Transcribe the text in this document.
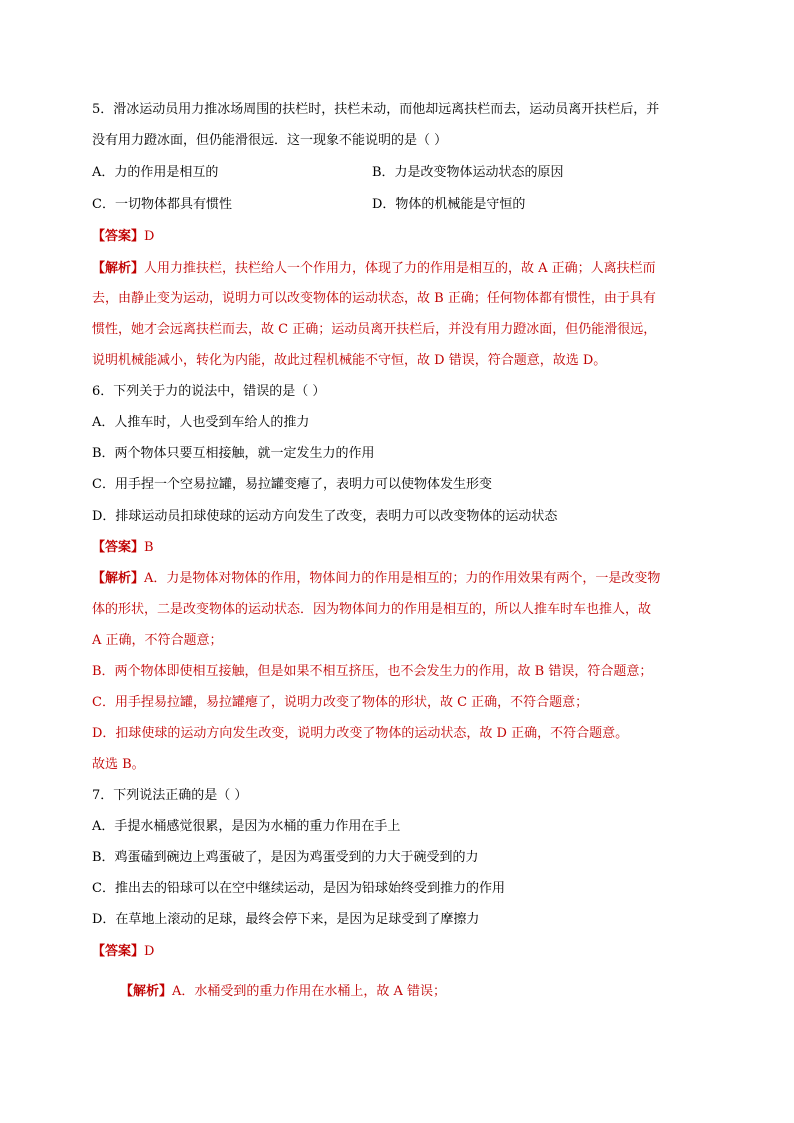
5．滑冰运动员用力推冰场周围的扶栏时，扶栏未动，而他却远离扶栏而去，运动员离开扶栏后，并
没有用力蹬冰面，但仍能滑很远．这一现象不能说明的是（ ）
A．力的作用是相互的	B．力是改变物体运动状态的原因
C．一切物体都具有惯性	D．物体的机械能是守恒的
【答案】D
【解析】人用力推扶栏，扶栏给人一个作用力，体现了力的作用是相互的，故 A 正确；人离扶栏而
去，由静止变为运动，说明力可以改变物体的运动状态，故 B 正确；任何物体都有惯性，由于具有
惯性，她才会远离扶栏而去，故 C 正确；运动员离开扶栏后，并没有用力蹬冰面，但仍能滑很远，
说明机械能减小，转化为内能，故此过程机械能不守恒，故 D 错误，符合题意，故选 D。
6．下列关于力的说法中，错误的是（ ）
A．人推车时，人也受到车给人的推力
B．两个物体只要互相接触，就一定发生力的作用
C．用手捏一个空易拉罐，易拉罐变瘪了，表明力可以使物体发生形变
D．排球运动员扣球使球的运动方向发生了改变，表明力可以改变物体的运动状态
【答案】B
【解析】A．力是物体对物体的作用，物体间力的作用是相互的；力的作用效果有两个，一是改变物
体的形状，二是改变物体的运动状态．因为物体间力的作用是相互的，所以人推车时车也推人，故
A 正确，不符合题意；
B．两个物体即使相互接触，但是如果不相互挤压，也不会发生力的作用，故 B 错误，符合题意；
C．用手捏易拉罐，易拉罐瘪了，说明力改变了物体的形状，故 C 正确，不符合题意；
D．扣球使球的运动方向发生改变，说明力改变了物体的运动状态，故 D 正确，不符合题意。
故选 B。
7．下列说法正确的是（ ）
A．手提水桶感觉很累，是因为水桶的重力作用在手上
B．鸡蛋磕到碗边上鸡蛋破了，是因为鸡蛋受到的力大于碗受到的力
C．推出去的铅球可以在空中继续运动，是因为铅球始终受到推力的作用
D．在草地上滚动的足球，最终会停下来，是因为足球受到了摩擦力
【答案】D
【解析】A．水桶受到的重力作用在水桶上，故 A 错误；
